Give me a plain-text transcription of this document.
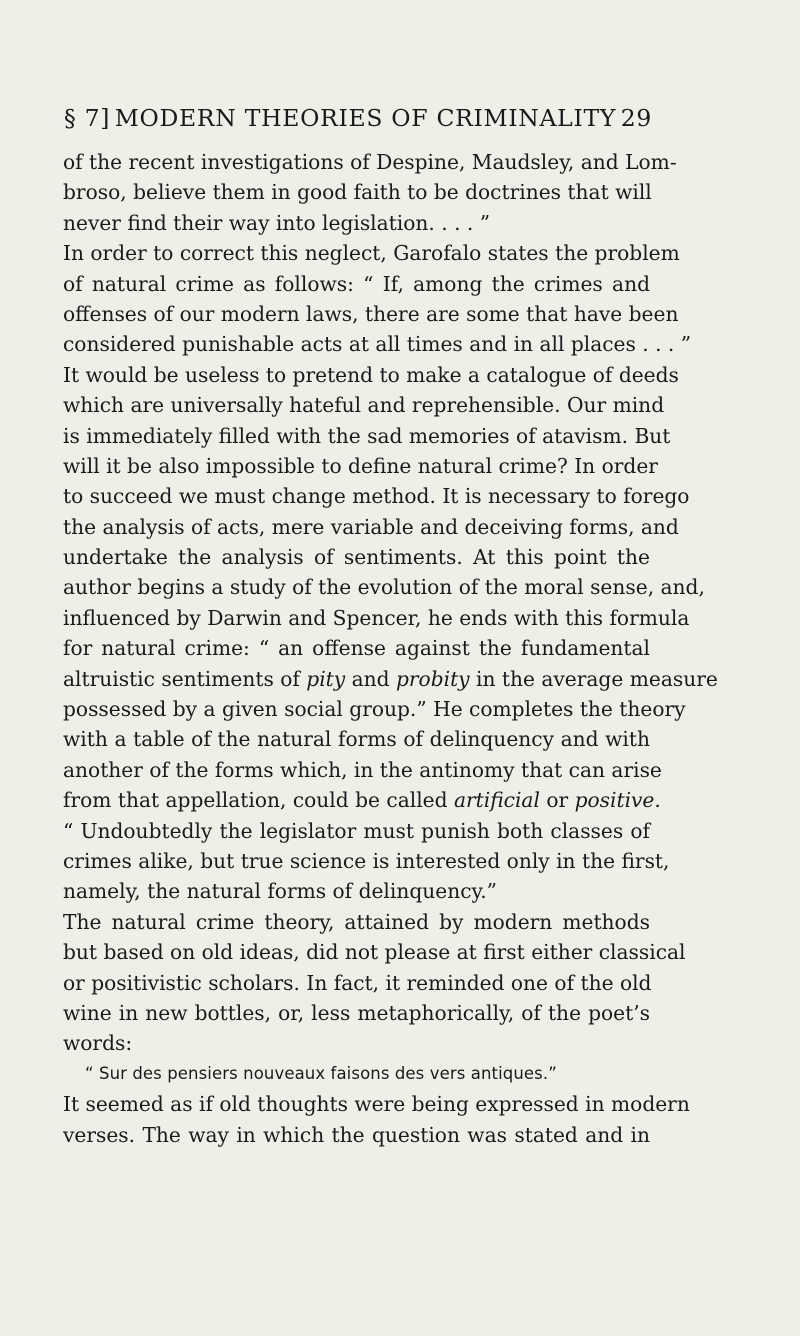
§ 7] MODERN THEORIES OF CRIMINALITY 29
of the recent investigations of Despine, Maudsley, and Lom-
broso, believe them in good faith to be doctrines that will
never find their way into legislation. . . . ”
In order to correct this neglect, Garofalo states the problem
of natural crime as follows: “ If, among the crimes and
offenses of our modern laws, there are some that have been
considered punishable acts at all times and in all places . . . ”
It would be useless to pretend to make a catalogue of deeds
which are universally hateful and reprehensible. Our mind
is immediately filled with the sad memories of atavism. But
will it be also impossible to define natural crime? In order
to succeed we must change method. It is necessary to forego
the analysis of acts, mere variable and deceiving forms, and
undertake the analysis of sentiments. At this point the
author begins a study of the evolution of the moral sense, and,
influenced by Darwin and Spencer, he ends with this formula
for natural crime: “ an offense against the fundamental
altruistic sentiments of pity and probity in the average measure
possessed by a given social group.” He completes the theory
with a table of the natural forms of delinquency and with
another of the forms which, in the antinomy that can arise
from that appellation, could be called artificial or positive.
“ Undoubtedly the legislator must punish both classes of
crimes alike, but true science is interested only in the first,
namely, the natural forms of delinquency.”
The natural crime theory, attained by modern methods
but based on old ideas, did not please at first either classical
or positivistic scholars. In fact, it reminded one of the old
wine in new bottles, or, less metaphorically, of the poet’s
words:
“ Sur des pensiers nouveaux faisons des vers antiques.”
It seemed as if old thoughts were being expressed in modern
verses. The way in which the question was stated and in
